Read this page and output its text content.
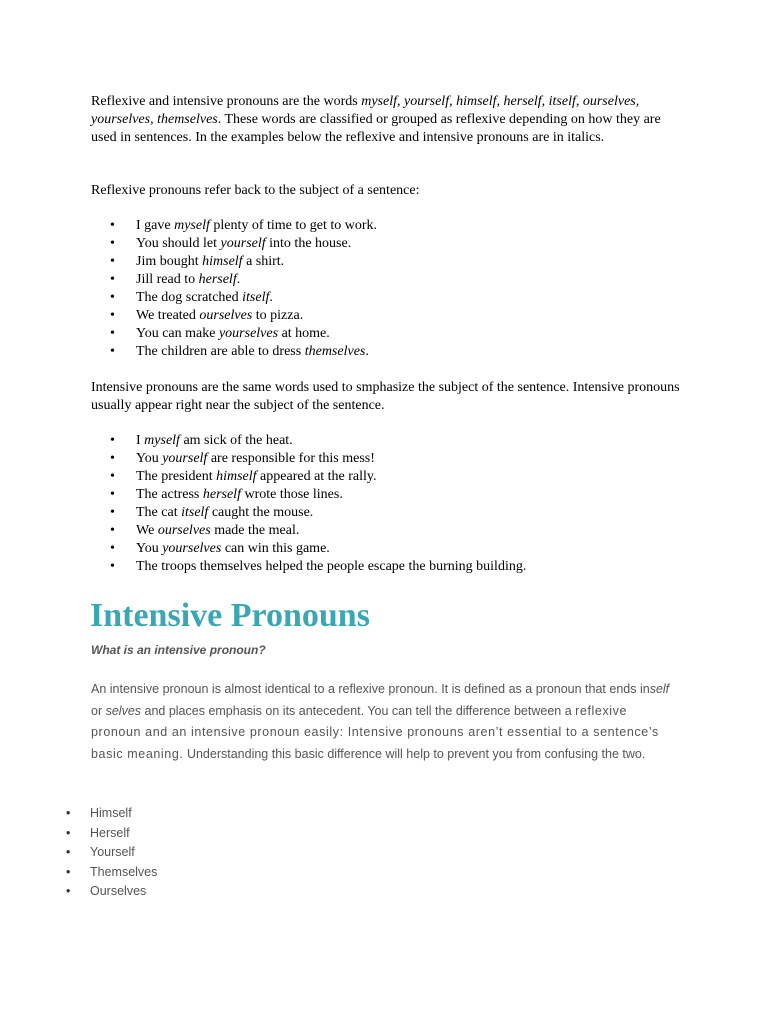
Reflexive and intensive pronouns are the words myself, yourself, himself, herself, itself, ourselves, yourselves, themselves. These words are classified or grouped as reflexive depending on how they are used in sentences. In the examples below the reflexive and intensive pronouns are in italics.

Reflexive pronouns refer back to the subject of a sentence:

• I gave myself plenty of time to get to work.
• You should let yourself into the house.
• Jim bought himself a shirt.
• Jill read to herself.
• The dog scratched itself.
• We treated ourselves to pizza.
• You can make yourselves at home.
• The children are able to dress themselves.

Intensive pronouns are the same words used to smphasize the subject of the sentence. Intensive pronouns usually appear right near the subject of the sentence.

• I myself am sick of the heat.
• You yourself are responsible for this mess!
• The president himself appeared at the rally.
• The actress herself wrote those lines.
• The cat itself caught the mouse.
• We ourselves made the meal.
• You yourselves can win this game.
• The troops themselves helped the people escape the burning building.
Intensive Pronouns

What is an intensive pronoun?

An intensive pronoun is almost identical to a reflexive pronoun. It is defined as a pronoun that ends inself or selves and places emphasis on its antecedent. You can tell the difference between a reflexive pronoun and an intensive pronoun easily: Intensive pronouns aren’t essential to a sentence’s basic meaning. Understanding this basic difference will help to prevent you from confusing the two.

• Himself
• Herself
• Yourself
• Themselves
• Ourselves
